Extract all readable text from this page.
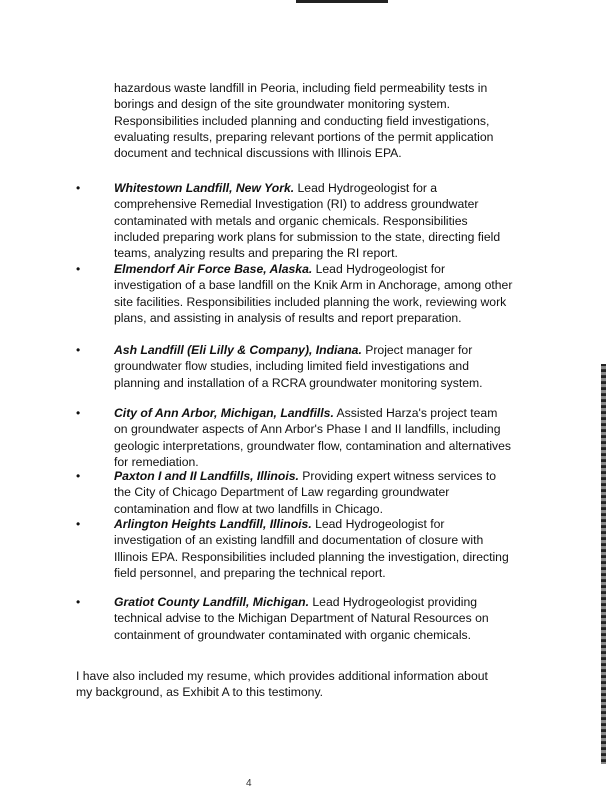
hazardous waste landfill in Peoria, including field permeability tests in borings and design of the site groundwater monitoring system. Responsibilities included planning and conducting field investigations, evaluating results, preparing relevant portions of the permit application document and technical discussions with Illinois EPA.
•	Whitestown Landfill, New York. Lead Hydrogeologist for a comprehensive Remedial Investigation (RI) to address groundwater contaminated with metals and organic chemicals. Responsibilities included preparing work plans for submission to the state, directing field teams, analyzing results and preparing the RI report.
•	Elmendorf Air Force Base, Alaska. Lead Hydrogeologist for investigation of a base landfill on the Knik Arm in Anchorage, among other site facilities. Responsibilities included planning the work, reviewing work plans, and assisting in analysis of results and report preparation.
•	Ash Landfill (Eli Lilly & Company), Indiana. Project manager for groundwater flow studies, including limited field investigations and planning and installation of a RCRA groundwater monitoring system.
•	City of Ann Arbor, Michigan, Landfills. Assisted Harza's project team on groundwater aspects of Ann Arbor's Phase I and II landfills, including geologic interpretations, groundwater flow, contamination and alternatives for remediation.
•	Paxton I and II Landfills, Illinois. Providing expert witness services to the City of Chicago Department of Law regarding groundwater contamination and flow at two landfills in Chicago.
•	Arlington Heights Landfill, Illinois. Lead Hydrogeologist for investigation of an existing landfill and documentation of closure with Illinois EPA. Responsibilities included planning the investigation, directing field personnel, and preparing the technical report.
•	Gratiot County Landfill, Michigan. Lead Hydrogeologist providing technical advise to the Michigan Department of Natural Resources on containment of groundwater contaminated with organic chemicals.
I have also included my resume, which provides additional information about my background, as Exhibit A to this testimony.
4
